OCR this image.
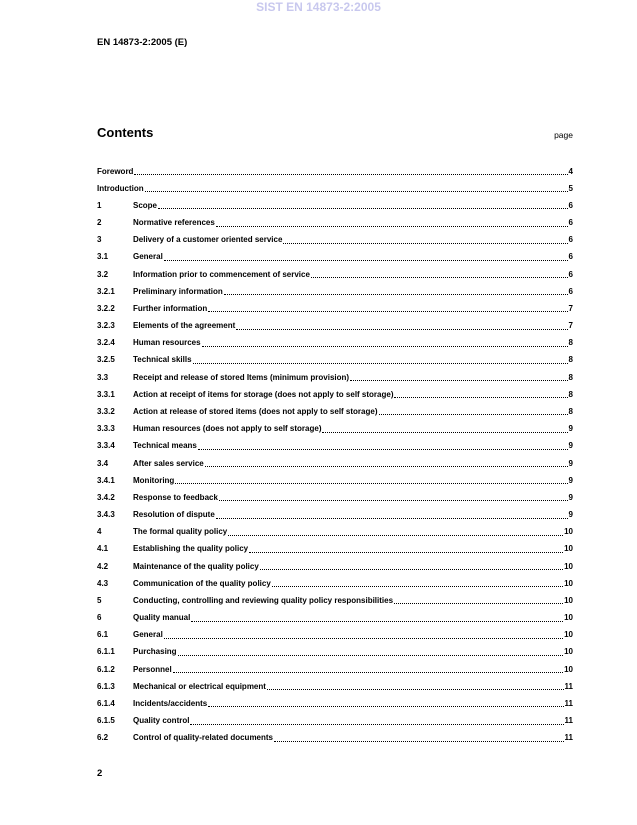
SIST EN 14873-2:2005
EN 14873-2:2005 (E)
Contents	page
Foreword	4
Introduction	5
1	Scope	6
2	Normative references	6
3	Delivery of a customer oriented service	6
3.1	General	6
3.2	Information prior to commencement of service	6
3.2.1	Preliminary information	6
3.2.2	Further information	7
3.2.3	Elements of the agreement	7
3.2.4	Human resources	8
3.2.5	Technical skills	8
3.3	Receipt and release of stored Items (minimum provision)	8
3.3.1	Action at receipt of items for storage (does not apply to self storage)	8
3.3.2	Action at release of stored items (does not apply to self storage)	8
3.3.3	Human resources (does not apply to self storage)	9
3.3.4	Technical means	9
3.4	After sales service	9
3.4.1	Monitoring	9
3.4.2	Response to feedback	9
3.4.3	Resolution of dispute	9
4	The formal quality policy	10
4.1	Establishing the quality policy	10
4.2	Maintenance of the quality policy	10
4.3	Communication of the quality policy	10
5	Conducting, controlling and reviewing quality policy responsibilities	10
6	Quality manual	10
6.1	General	10
6.1.1	Purchasing	10
6.1.2	Personnel	10
6.1.3	Mechanical or electrical equipment	11
6.1.4	Incidents/accidents	11
6.1.5	Quality control	11
6.2	Control of quality-related documents	11
2
